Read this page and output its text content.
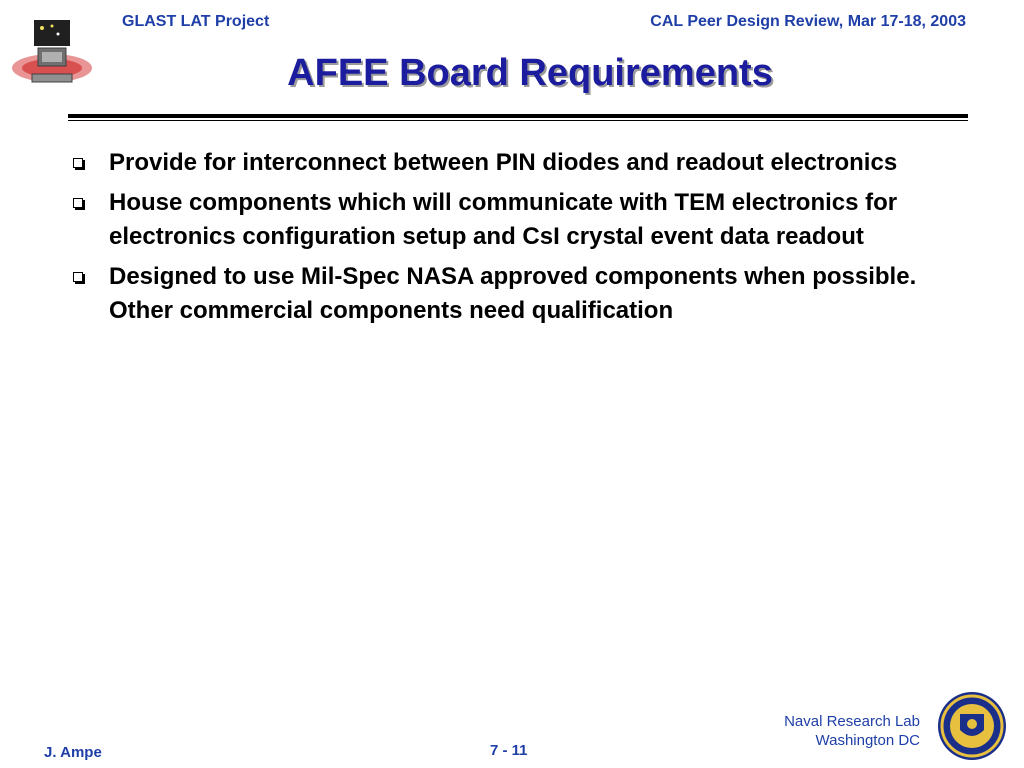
GLAST LAT Project	CAL Peer Design Review, Mar 17-18, 2003
AFEE Board Requirements
Provide for interconnect between PIN diodes and readout electronics
House components which will communicate with TEM electronics for electronics configuration setup and CsI crystal event data readout
Designed to use Mil-Spec NASA approved components when possible. Other commercial components need qualification
J. Ampe	7 - 11
Naval Research Lab
Washington DC
